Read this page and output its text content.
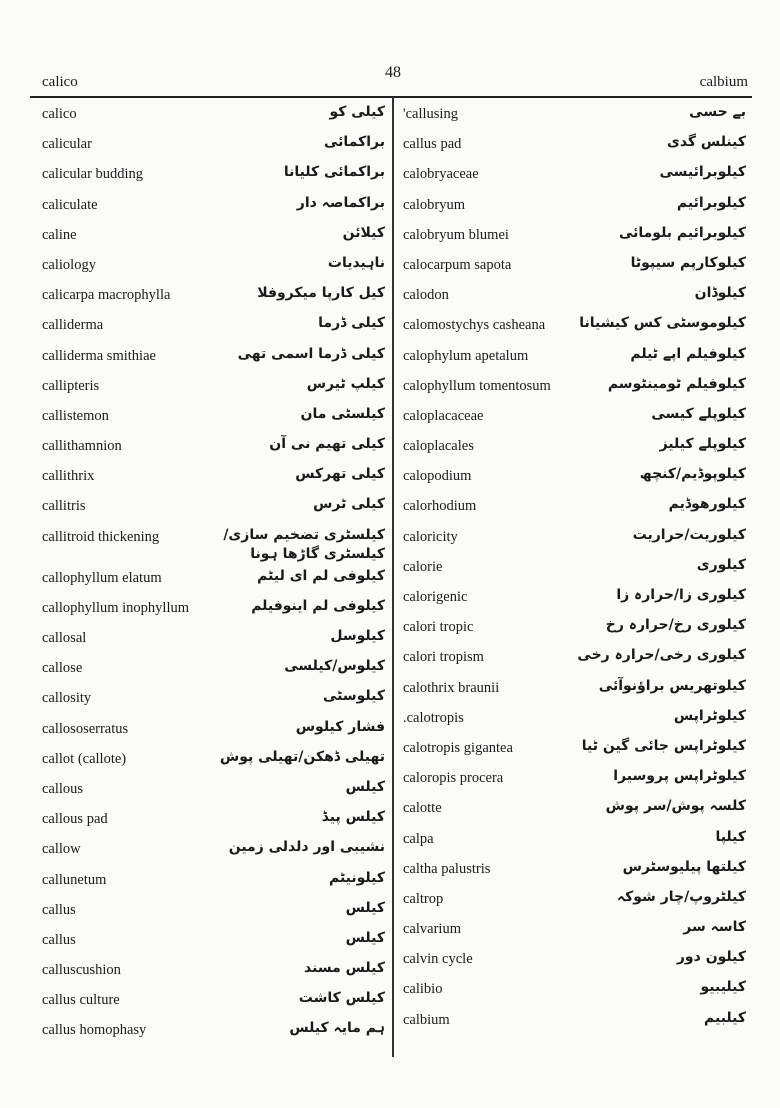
calico
48
calbium
calico	کیلی کو
calicular	براکمائی
calicular budding	براکمائی کلیانا
caliculate	براکماصہ دار
caline	کیلائن
caliology	ناہیدیات
calicarpa macrophylla	کیل کارپا میکروفلا
calliderma	کیلی ڈرما
calliderma smithiae	کیلی ڈرما اسمی تھی
callipteris	کیلپ ٹیرس
callistemon	کیلسٹی مان
callithamnion	کیلی تھیم نی آن
callithrix	کیلی تھرکس
callitris	کیلی ٹرس
callitroid thickening	کیلسٹری تضخیم سازی/کیلسٹری گاڑھا ہونا
callophyllum elatum	کیلوفی لم ای لیٹم
callophyllum inophyllum	کیلوفی لم اینوفیلم
callosal	کیلوسل
callose	کیلوس/کیلسی
callosity	کیلوسٹی
callososerratus	فشار کیلوس
callot (callote)	تھیلی ڈھکن/تھیلی پوش
callous	کیلس
callous pad	کیلس پیڈ
callow	نشیبی اور دلدلی زمین
callunetum	کیلونیٹم
callus	کیلس
callus	کیلس
calluscushion	کیلس مسند
callus culture	کیلس کاشت
callus homophasy	ہم مایہ کیلس
'callusing	بے حسی
callus pad	کینلس گدی
calobryaceae	کیلوبرائیسی
calobryum	کیلوبرائیم
calobryum blumei	کیلوبرائیم بلومائی
calocarpum sapota	کیلوکارپم سیپوٹا
calodon	کیلوڈان
calomostychys casheana	کیلوموسٹی کس کیشیانا
calophylum apetalum	کیلوفیلم اپے ٹیلم
calophyllum tomentosum	کیلوفیلم ٹومینٹوسم
caloplacaceae	کیلوپلے کیسی
caloplacales	کیلوپلے کیلیز
calopodium	کیلوپوڈیم/کنچھ
calorhodium	کیلورھوڈیم
caloricity	کیلوریت/حراریت
calorie	کیلوری
calorigenic	کیلوری زا/حرارہ زا
calori tropic	کیلوری رخ/حرارہ رخ
calori tropism	کیلوری رخی/حرارہ رخی
calothrix braunii	کیلوتھریس براؤنوآئی
.calotropis	کیلوٹراپس
calotropis gigantea	کیلوٹراپس جائی گین ٹیا
caloropis procera	کیلوٹراپس پروسیرا
calotte	کلسہ پوش/سر پوش
calpa	کیلپا
caltha palustris	کیلتھا پیلیوسٹرس
caltrop	کیلٹروپ/چار شوکہ
calvarium	کاسہ سر
calvin cycle	کیلون دور
calibio	کیلیبیو
calbium	کیلبیم
